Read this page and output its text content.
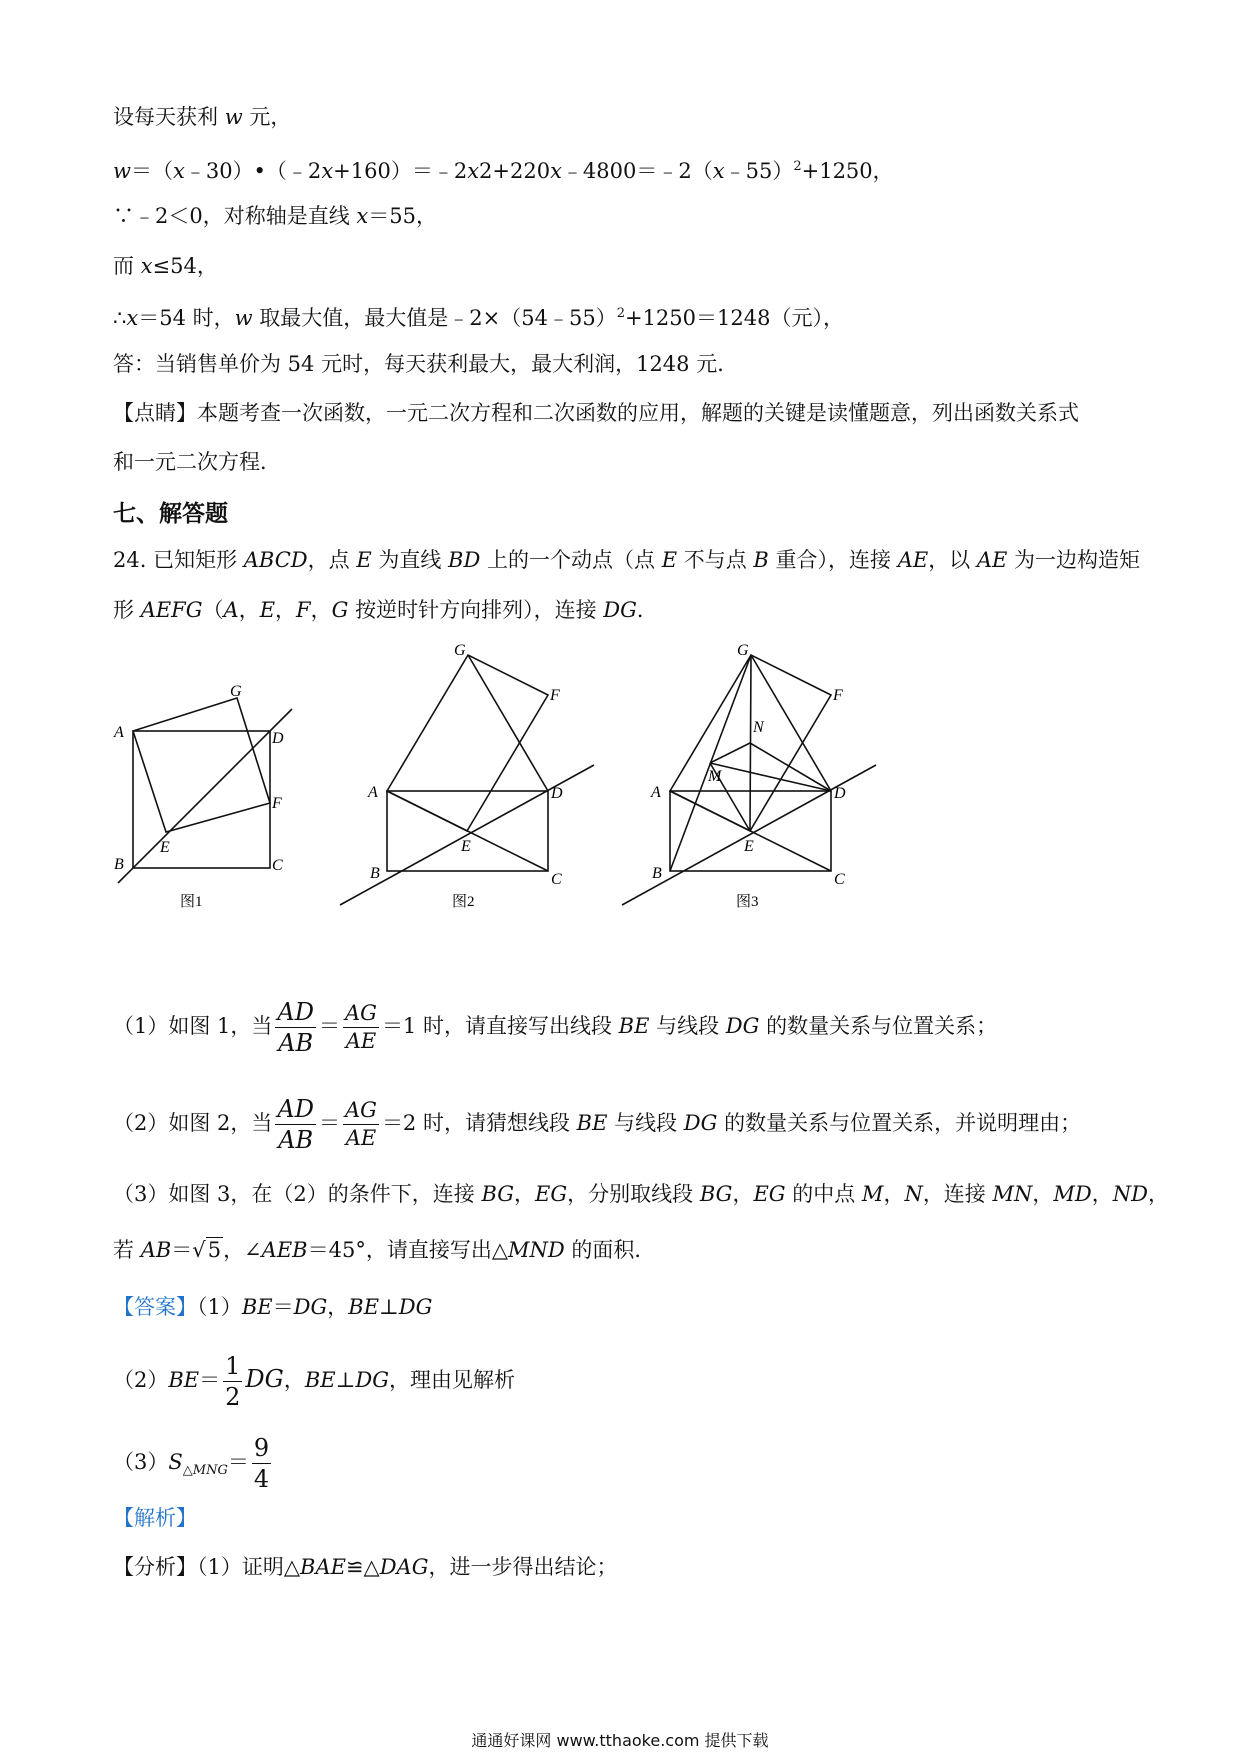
设每天获利 w 元，

w＝（x﹣30）•（﹣2x+160）＝﹣2x2+220x﹣4800＝﹣2（x﹣55）$^2$+1250，

∵﹣2＜0，对称轴是直线 x＝55，

而 x≤54，

∴x＝54 时，w 取最大值，最大值是﹣2×（54﹣55）$^2$+1250＝1248（元），

答：当销售单价为 54 元时，每天获利最大，最大利润，1248 元．

【点睛】本题考查一次函数，一元二次方程和二次函数的应用，解题的关键是读懂题意，列出函数关系式

和一元二次方程．

七、解答题

24. 已知矩形 ABCD，点 E 为直线 BD 上的一个动点（点 E 不与点 B 重合），连接 AE，以 AE 为一边构造矩

形 AEFG（A，E，F，G 按逆时针方向排列），连接 DG．

A
B	C
D
E
F
G
图1
A
B	C
D
E
F
G
图2
A
B	C
D
E
F
G
M
N
图3

（1）如图 1，当 $\frac{AD}{AB} = \frac{AG}{AE} =1$ 时，请直接写出线段 BE 与线段 DG 的数量关系与位置关系；

（2）如图 2，当 $\frac{AD}{AB} = \frac{AG}{AE} =2$ 时，请猜想线段 BE 与线段 DG 的数量关系与位置关系，并说明理由；

（3）如图 3，在（2）的条件下，连接 BG，EG，分别取线段 BG，EG 的中点 M，N，连接 MN，MD，ND，

若 AB＝√5，∠AEB＝45°，请直接写出△MND 的面积．

【答案】（1）BE＝DG，BE⊥DG

$(2)BE= \frac{1}{2}$ DG，BE⊥DG，理由见解析

$(3)S_{\triangle MNG}= \frac{9}{4}$

【解析】

【分析】（1）证明△BAE≌△DAG，进一步得出结论；

通通好课网 www.tthaoke.com 提供下载
